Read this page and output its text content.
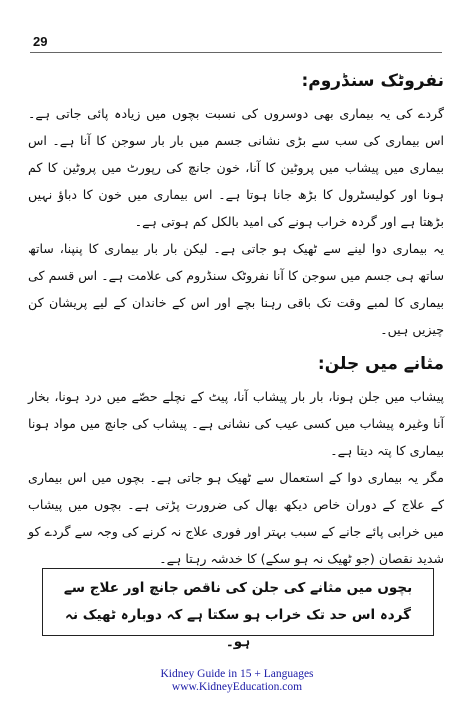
29
نفروٹک سنڈروم:

گردے کی یہ بیماری بھی دوسروں کی نسبت بچوں میں زیادہ پائی جاتی ہے۔ اس بیماری کی سب سے بڑی نشانی جسم میں بار بار سوجن کا آنا ہے۔ اس بیماری میں پیشاب میں پروٹین کا آنا، خون جانچ کی رپورٹ میں پروٹین کا کم ہونا اور کولیسٹرول کا بڑھ جانا ہوتا ہے۔ اس بیماری میں خون کا دباؤ نہیں بڑھتا ہے اور گردہ خراب ہونے کی امید بالکل کم ہوتی ہے۔

یہ بیماری دوا لینے سے ٹھیک ہو جاتی ہے۔ لیکن بار بار بیماری کا پنپنا، ساتھ ساتھ ہی جسم میں سوجن کا آنا نفروٹک سنڈروم کی علامت ہے۔ اس قسم کی بیماری کا لمبے وقت تک باقی رہنا بچے اور اس کے خاندان کے لیے پریشان کن چیزیں ہیں۔

مثانے میں جلن:

پیشاب میں جلن ہونا، بار بار پیشاب آنا، پیٹ کے نچلے حصّے میں درد ہونا، بخار آنا وغیرہ پیشاب میں کسی عیب کی نشانی ہے۔ پیشاب کی جانچ میں مواد ہونا بیماری کا پتہ دیتا ہے۔

مگر یہ بیماری دوا کے استعمال سے ٹھیک ہو جاتی ہے۔ بچوں میں اس بیماری کے علاج کے دوران خاص دیکھ بھال کی ضرورت پڑتی ہے۔ بچوں میں پیشاب میں خرابی پائے جانے کے سبب بہتر اور فوری علاج نہ کرنے کی وجہ سے گردے کو شدید نقصان (جو ٹھیک نہ ہو سکے) کا خدشہ رہتا ہے۔

بچوں میں مثانے کی جلن کی ناقص جانچ اور علاج سے گردہ اس حد تک خراب ہو سکتا ہے کہ دوبارہ ٹھیک نہ ہو۔
Kidney Guide in 15 + Languages
www.KidneyEducation.com
